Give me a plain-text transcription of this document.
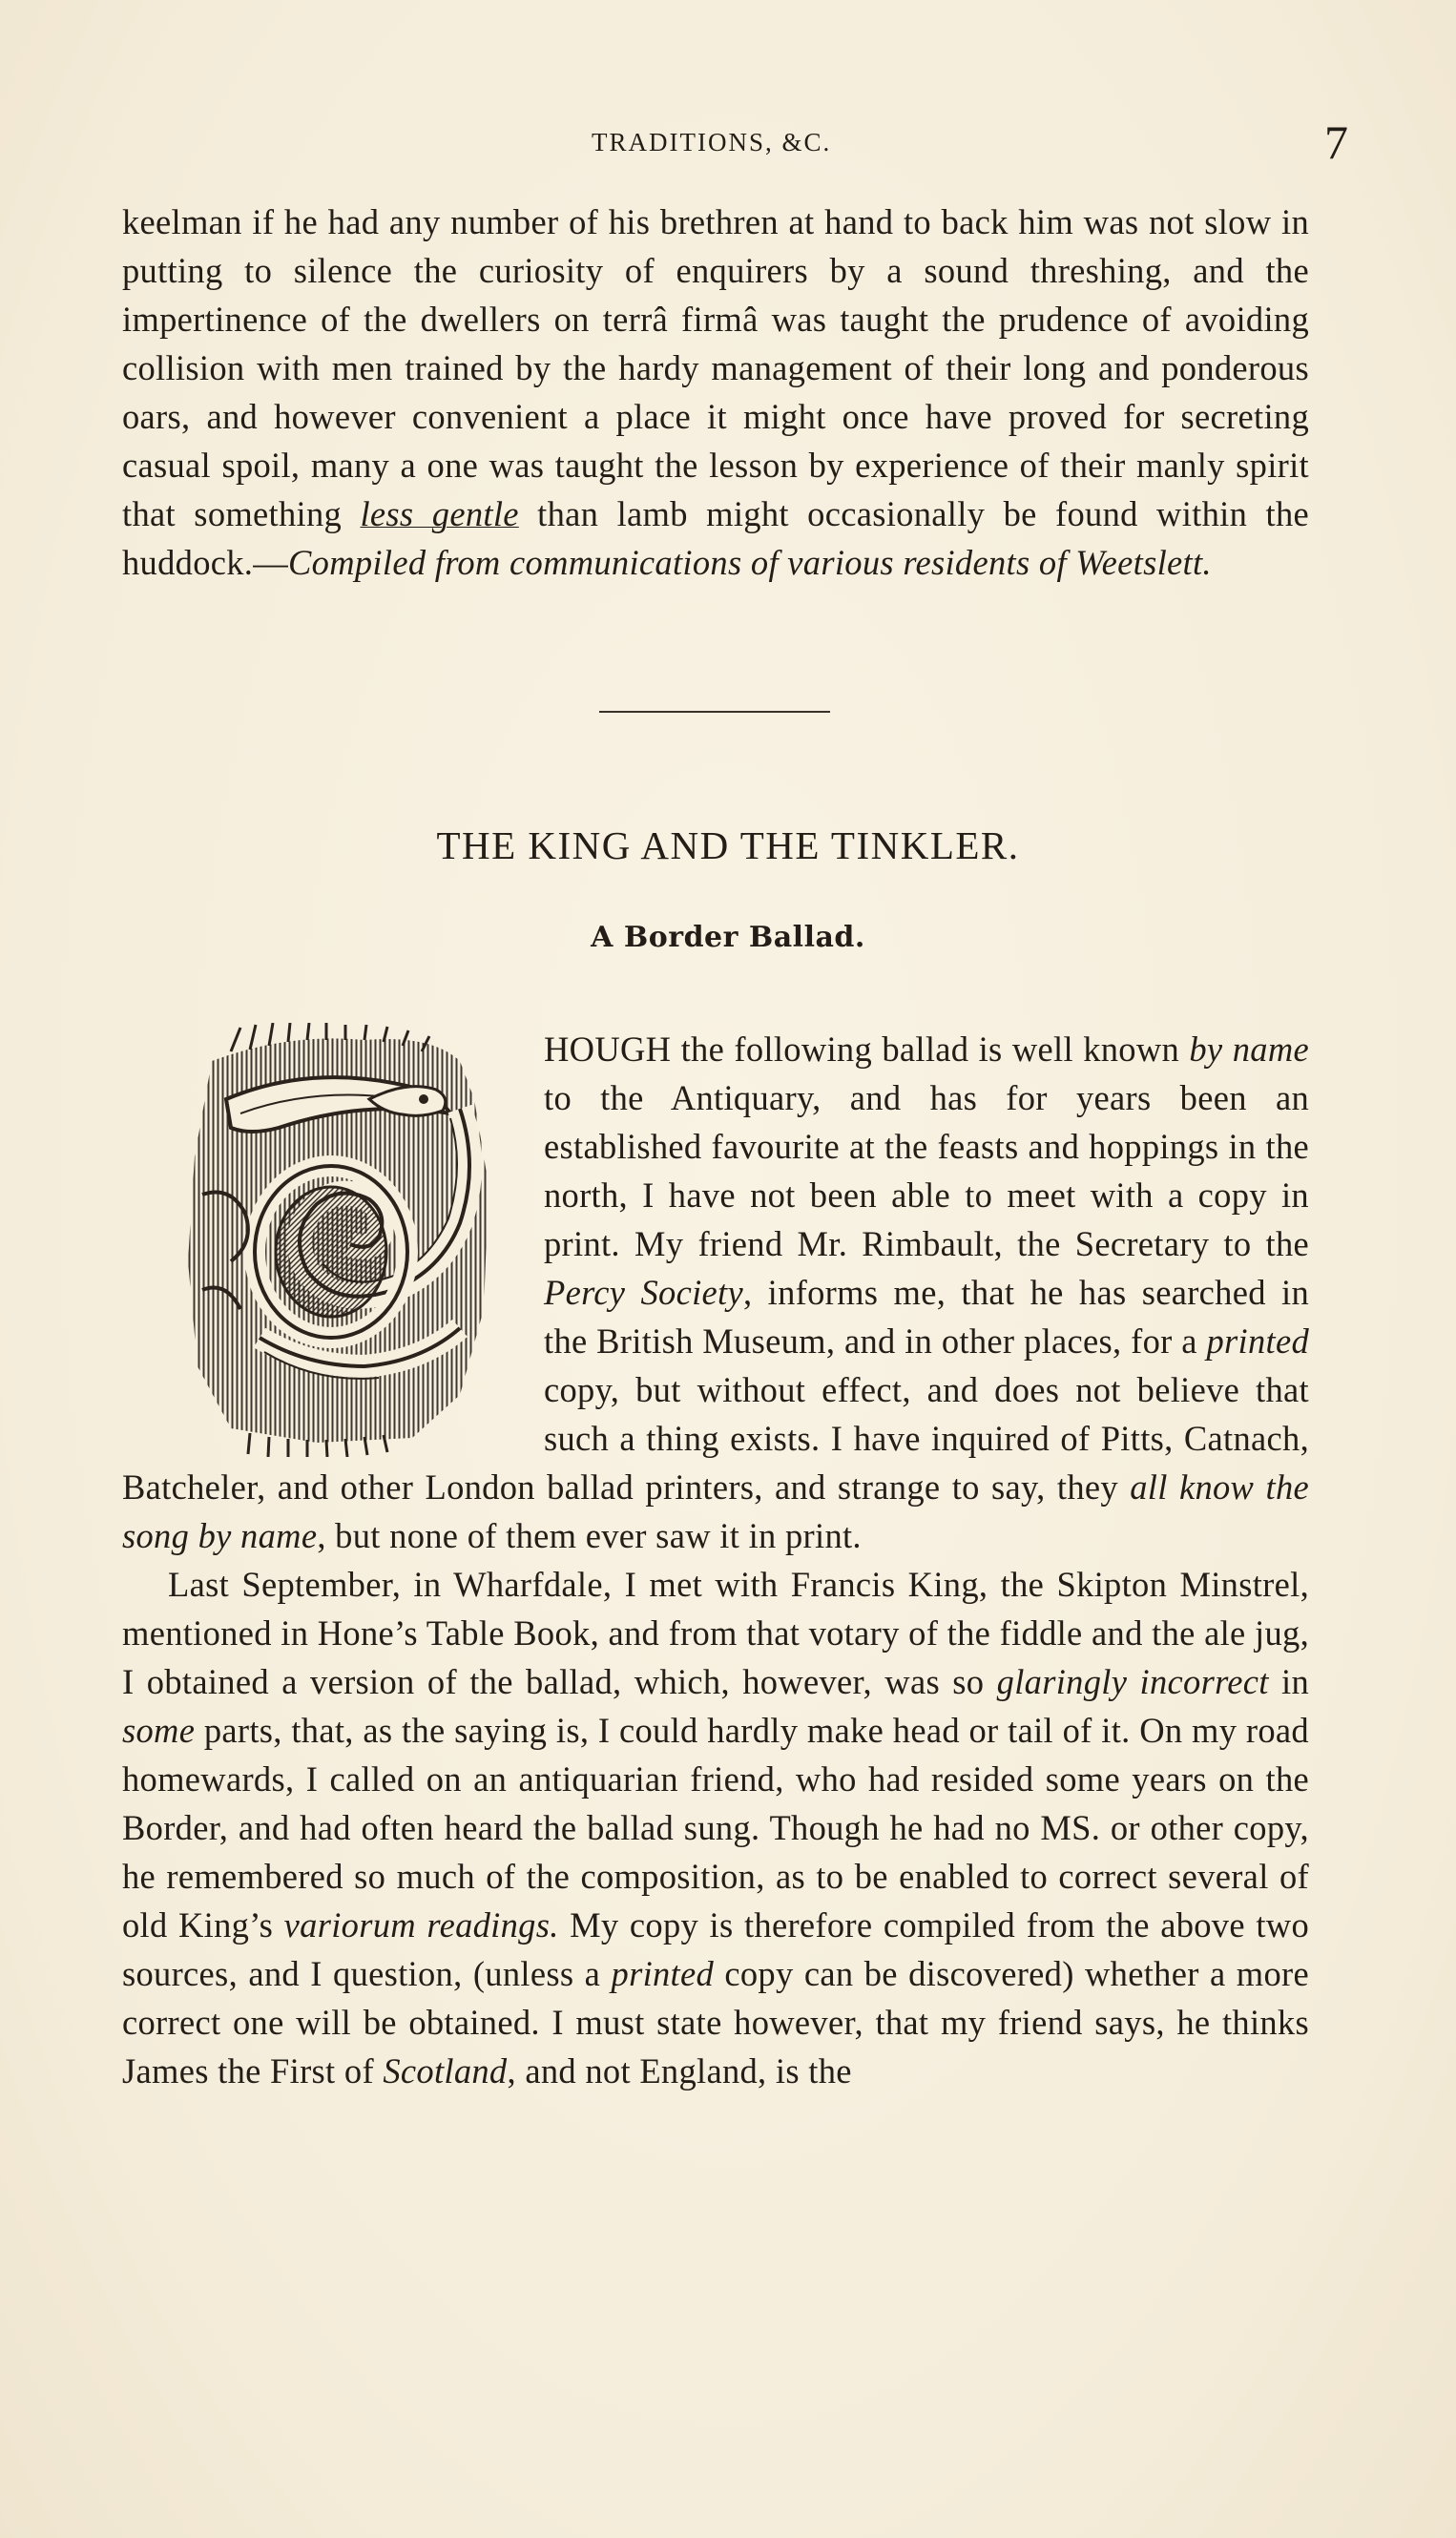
TRADITIONS, &C.	7

keelman if he had any number of his brethren at hand to back him was not slow in putting to silence the curiosity of enquirers by a sound threshing, and the impertinence of the dwellers on terrâ firmâ was taught the prudence of avoiding collision with men trained by the hardy management of their long and ponderous oars, and however convenient a place it might once have proved for secreting casual spoil, many a one was taught the lesson by experience of their manly spirit that something less gentle than lamb might occasionally be found within the huddock.—Compiled from communications of various residents of Weetslett.

THE KING AND THE TINKLER.
A Border Ballad.

HOUGH the following ballad is well known by name to the Antiquary, and has for years been an established favourite at the feasts and hoppings in the north, I have not been able to meet with a copy in print. My friend Mr. Rimbault, the Secretary to the Percy Society, informs me, that he has searched in the British Museum, and in other places, for a printed copy, but without effect, and does not believe that such a thing exists. I have inquired of Pitts, Catnach, Batcheler, and other London ballad printers, and strange to say, they all know the song by name, but none of them ever saw it in print.
Last September, in Wharfdale, I met with Francis King, the Skipton Minstrel, mentioned in Hone’s Table Book, and from that votary of the fiddle and the ale jug, I obtained a version of the ballad, which, however, was so glaringly incorrect in some parts, that, as the saying is, I could hardly make head or tail of it. On my road homewards, I called on an antiquarian friend, who had resided some years on the Border, and had often heard the ballad sung. Though he had no MS. or other copy, he remembered so much of the composition, as to be enabled to correct several of old King’s variorum readings. My copy is therefore compiled from the above two sources, and I question, (unless a printed copy can be discovered) whether a more correct one will be obtained. I must state however, that my friend says, he thinks James the First of Scotland, and not England, is the
